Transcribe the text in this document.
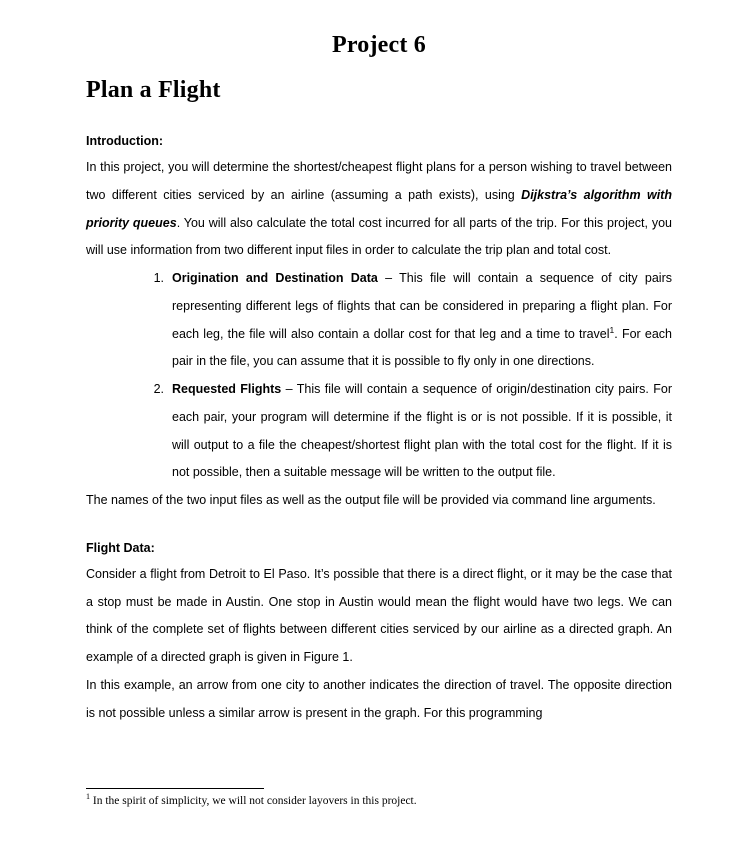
Project 6
Plan a Flight
Introduction:

In this project, you will determine the shortest/cheapest flight plans for a person wishing to travel between two different cities serviced by an airline (assuming a path exists), using Dijkstra’s algorithm with priority queues. You will also calculate the total cost incurred for all parts of the trip. For this project, you will use information from two different input files in order to calculate the trip plan and total cost.

Origination and Destination Data – This file will contain a sequence of city pairs representing different legs of flights that can be considered in preparing a flight plan. For each leg, the file will also contain a dollar cost for that leg and a time to travel$^1$. For each pair in the file, you can assume that it is possible to fly only in one directions.
Requested Flights – This file will contain a sequence of origin/destination city pairs. For each pair, your program will determine if the flight is or is not possible. If it is possible, it will output to a file the cheapest/shortest flight plan with the total cost for the flight. If it is not possible, then a suitable message will be written to the output file.

The names of the two input files as well as the output file will be provided via command line arguments.

Flight Data:

Consider a flight from Detroit to El Paso. It’s possible that there is a direct flight, or it may be the case that a stop must be made in Austin. One stop in Austin would mean the flight would have two legs. We can think of the complete set of flights between different cities serviced by our airline as a directed graph. An example of a directed graph is given in Figure 1.

In this example, an arrow from one city to another indicates the direction of travel. The opposite direction is not possible unless a similar arrow is present in the graph. For this programming

$^1$ In the spirit of simplicity, we will not consider layovers in this project.
